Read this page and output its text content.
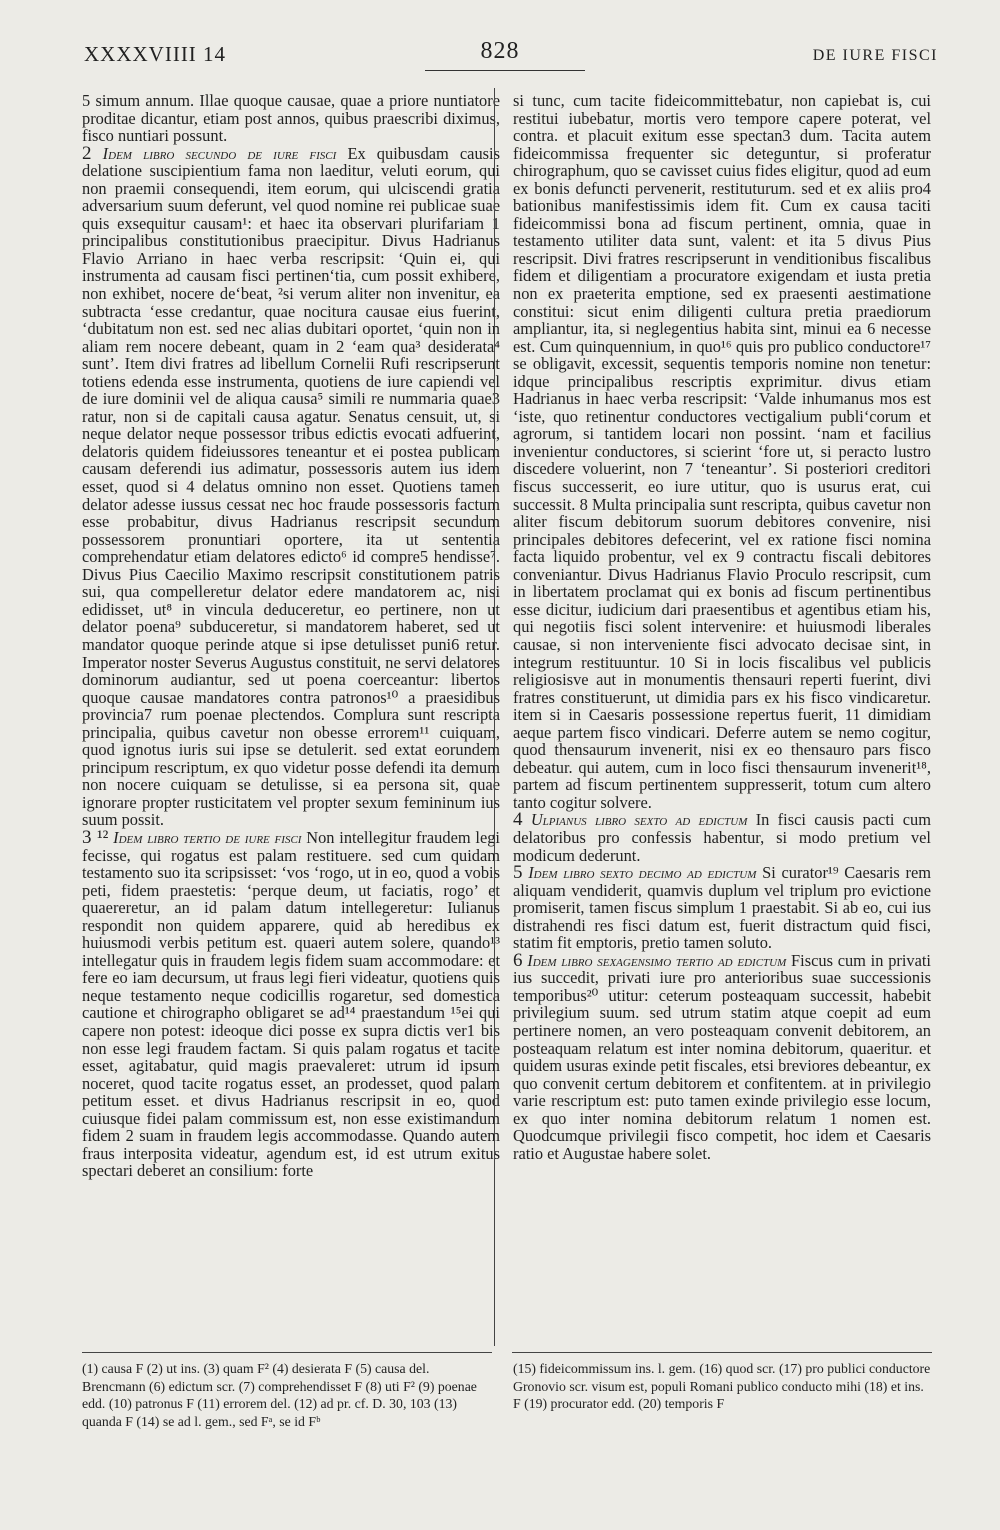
XXXXVIIII 14	828	DE IURE FISCI

5 simum annum. Illae quoque causae, quae a priore nuntiatore proditae dicantur, etiam post annos, quibus praescribi diximus, fisco nuntiari possunt.

2 Idem libro secundo de iure fisci Ex quibusdam causis delatione suscipientium fama non laeditur, veluti eorum, qui non praemii consequendi, item eorum, qui ulciscendi gratia adversarium suum deferunt, vel quod nomine rei publicae suae quis exsequitur causam¹: et haec ita observari plurifariam 1 principalibus constitutionibus praecipitur. Divus Hadrianus Flavio Arriano in haec verba rescripsit: ‘Quin ei, qui instrumenta ad causam fisci pertinen‘tia, cum possit exhibere, non exhibet, nocere de‘beat, ²si verum aliter non invenitur, ea subtracta ‘esse credantur, quae nocitura causae eius fuerint, ‘dubitatum non est. sed nec alias dubitari oportet, ‘quin non in aliam rem nocere debeant, quam in 2 ‘eam qua³ desiderata⁴ sunt’. Item divi fratres ad libellum Cornelii Rufi rescripserunt totiens edenda esse instrumenta, quotiens de iure capiendi vel de iure dominii vel de aliqua causa⁵ simili re nummaria quae3 ratur, non si de capitali causa agatur. Senatus censuit, ut, si neque delator neque possessor tribus edictis evocati adfuerint, delatoris quidem fideiussores teneantur et ei postea publicam causam deferendi ius adimatur, possessoris autem ius idem esset, quod si 4 delatus omnino non esset. Quotiens tamen delator adesse iussus cessat nec hoc fraude possessoris factum esse probabitur, divus Hadrianus rescripsit secundum possessorem pronuntiari oportere, ita ut sententia comprehendatur etiam delatores edicto⁶ id compre5 hendisse⁷. Divus Pius Caecilio Maximo rescripsit constitutionem patris sui, qua compelleretur delator edere mandatorem ac, nisi edidisset, ut⁸ in vincula deduceretur, eo pertinere, non ut delator poena⁹ subduceretur, si mandatorem haberet, sed ut mandator quoque perinde atque si ipse detulisset puni6 retur. Imperator noster Severus Augustus constituit, ne servi delatores dominorum audiantur, sed ut poena coerceantur: libertos quoque causae mandatores contra patronos¹⁰ a praesidibus provincia7 rum poenae plectendos. Complura sunt rescripta principalia, quibus cavetur non obesse errorem¹¹ cuiquam, quod ignotus iuris sui ipse se detulerit. sed extat eorundem principum rescriptum, ex quo videtur posse defendi ita demum non nocere cuiquam se detulisse, si ea persona sit, quae ignorare propter rusticitatem vel propter sexum femininum ius suum possit.

3 ¹² Idem libro tertio de iure fisci Non intellegitur fraudem legi fecisse, qui rogatus est palam restituere. sed cum quidam testamento suo ita scripsisset: ‘vos ‘rogo, ut in eo, quod a vobis peti, fidem praestetis: ‘perque deum, ut faciatis, rogo’ et quaereretur, an id palam datum intellegeretur: Iulianus respondit non quidem apparere, quid ab heredibus ex huiusmodi verbis petitum est. quaeri autem solere, quando¹³ intellegatur quis in fraudem legis fidem suam accommodare: et fere eo iam decursum, ut fraus legi fieri videatur, quotiens quis neque testamento neque codicillis rogaretur, sed domestica cautione et chirographo obligaret se ad¹⁴ praestandum ¹⁵ei qui capere non potest: ideoque dici posse ex supra dictis ver1 bis non esse legi fraudem factam. Si quis palam rogatus et tacite esset, agitabatur, quid magis praevaleret: utrum id ipsum noceret, quod tacite rogatus esset, an prodesset, quod palam petitum esset. et divus Hadrianus rescripsit in eo, quod cuiusque fidei palam commissum est, non esse existimandum fidem 2 suam in fraudem legis accommodasse. Quando autem fraus interposita videatur, agendum est, id est utrum exitus spectari deberet an consilium: forte

si tunc, cum tacite fideicommittebatur, non capiebat is, cui restitui iubebatur, mortis vero tempore capere poterat, vel contra. et placuit exitum esse spectan3 dum. Tacita autem fideicommissa frequenter sic deteguntur, si proferatur chirographum, quo se cavisset cuius fides eligitur, quod ad eum ex bonis defuncti pervenerit, restituturum. sed et ex aliis pro4 bationibus manifestissimis idem fit. Cum ex causa taciti fideicommissi bona ad fiscum pertinent, omnia, quae in testamento utiliter data sunt, valent: et ita 5 divus Pius rescripsit. Divi fratres rescripserunt in venditionibus fiscalibus fidem et diligentiam a procuratore exigendam et iusta pretia non ex praeterita emptione, sed ex praesenti aestimatione constitui: sicut enim diligenti cultura pretia praediorum ampliantur, ita, si neglegentius habita sint, minui ea 6 necesse est. Cum quinquennium, in quo¹⁶ quis pro publico conductore¹⁷ se obligavit, excessit, sequentis temporis nomine non tenetur: idque principalibus rescriptis exprimitur. divus etiam Hadrianus in haec verba rescripsit: ‘Valde inhumanus mos est ‘iste, quo retinentur conductores vectigalium publi‘corum et agrorum, si tantidem locari non possint. ‘nam et facilius invenientur conductores, si scierint ‘fore ut, si peracto lustro discedere voluerint, non 7 ‘teneantur’. Si posteriori creditori fiscus successerit, eo iure utitur, quo is usurus erat, cui successit. 8 Multa principalia sunt rescripta, quibus cavetur non aliter fiscum debitorum suorum debitores convenire, nisi principales debitores defecerint, vel ex ratione fisci nomina facta liquido probentur, vel ex 9 contractu fiscali debitores conveniantur. Divus Hadrianus Flavio Proculo rescripsit, cum in libertatem proclamat qui ex bonis ad fiscum pertinentibus esse dicitur, iudicium dari praesentibus et agentibus etiam his, qui negotiis fisci solent intervenire: et huiusmodi liberales causae, si non interveniente fisci advocato decisae sint, in integrum restituuntur. 10 Si in locis fiscalibus vel publicis religiosisve aut in monumentis thensauri reperti fuerint, divi fratres constituerunt, ut dimidia pars ex his fisco vindicaretur. item si in Caesaris possessione repertus fuerit, 11 dimidiam aeque partem fisco vindicari. Deferre autem se nemo cogitur, quod thensaurum invenerit, nisi ex eo thensauro pars fisco debeatur. qui autem, cum in loco fisci thensaurum invenerit¹⁸, partem ad fiscum pertinentem suppresserit, totum cum altero tanto cogitur solvere.

4 Ulpianus libro sexto ad edictum In fisci causis pacti cum delatoribus pro confessis habentur, si modo pretium vel modicum dederunt.

5 Idem libro sexto decimo ad edictum Si curator¹⁹ Caesaris rem aliquam vendiderit, quamvis duplum vel triplum pro evictione promiserit, tamen fiscus simplum 1 praestabit. Si ab eo, cui ius distrahendi res fisci datum est, fuerit distractum quid fisci, statim fit emptoris, pretio tamen soluto.

6 Idem libro sexagensimo tertio ad edictum Fiscus cum in privati ius succedit, privati iure pro anterioribus suae successionis temporibus²⁰ utitur: ceterum posteaquam successit, habebit privilegium suum. sed utrum statim atque coepit ad eum pertinere nomen, an vero posteaquam convenit debitorem, an posteaquam relatum est inter nomina debitorum, quaeritur. et quidem usuras exinde petit fiscales, etsi breviores debeantur, ex quo convenit certum debitorem et confitentem. at in privilegio varie rescriptum est: puto tamen exinde privilegio esse locum, ex quo inter nomina debitorum relatum 1 nomen est. Quodcumque privilegii fisco competit, hoc idem et Caesaris ratio et Augustae habere solet.

(1) causa F (2) ut ins. (3) quam F² (4) desierata F (5) causa del. Brencmann (6) edictum scr. (7) comprehendisset F (8) uti F² (9) poenae edd. (10) patronus F (11) errorem del. (12) ad pr. cf. D. 30, 103 (13) quanda F (14) se ad l. gem., sed Fᵃ, se id Fᵇ
(15) fideicommissum ins. l. gem. (16) quod scr. (17) pro publici conductore Gronovio scr. visum est, populi Romani publico conducto mihi (18) et ins. F (19) procurator edd. (20) temporis F
